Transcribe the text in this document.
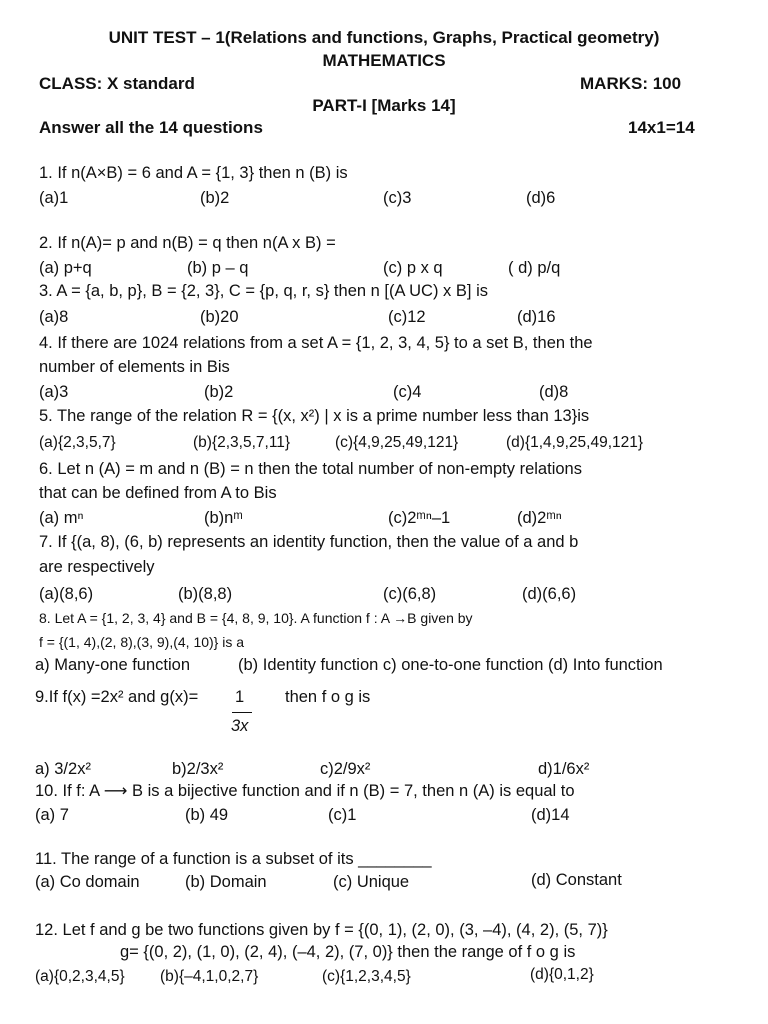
UNIT TEST – 1(Relations and functions, Graphs, Practical geometry)
MATHEMATICS
CLASS: X standard	MARKS: 100
PART-I [Marks 14]
Answer all the 14 questions	14x1=14
1. If n(A×B) = 6 and A = {1, 3} then n (B) is
(a)1	(b)2	(c)3	(d)6
2. If n(A)= p and n(B) = q then n(A x B) =
(a) p+q	(b) p – q	(c) p x q	( d) p/q
3. A = {a, b, p}, B = {2, 3}, C = {p, q, r, s} then n [(A UC) x B] is
(a)8	(b)20	(c)12	(d)16
4. If there are 1024 relations from a set A = {1, 2, 3, 4, 5} to a set B, then the
number of elements in Bis
(a)3	(b)2	(c)4	(d)8
5. The range of the relation R = {(x, x²) | x is a prime number less than 13}is
(a){2,3,5,7}	(b){2,3,5,7,11}	(c){4,9,25,49,121}	(d){1,4,9,25,49,121}
6. Let n (A) = m and n (B) = n then the total number of non-empty relations
that can be defined from A to Bis
(a) mⁿ	(b)nᵐ	(c)2ᵐⁿ–1	(d)2ᵐⁿ
7. If {(a, 8), (6, b) represents an identity function, then the value of a and b
are respectively
(a)(8,6)	(b)(8,8)	(c)(6,8)	(d)(6,6)
8. Let A = {1, 2, 3, 4} and B = {4, 8, 9, 10}. A function f : A →B given by
f = {(1, 4),(2, 8),(3, 9),(4, 10)} is a
a) Many-one function	(b) Identity function c) one-to-one function (d) Into function
9.If f(x) =2x² and g(x)= 1
3x
then f o g is
a) 3/2x²	b)2/3x²	c)2/9x²	d)1/6x²
10. If f: A ⟶ B is a bijective function and if n (B) = 7, then n (A) is equal to
(a) 7	(b) 49	(c)1	(d)14
11. The range of a function is a subset of its ________
(a) Co domain	(b) Domain	(c) Unique	(d) Constant
12. Let f and g be two functions given by f = {(0, 1), (2, 0), (3, –4), (4, 2), (5, 7)}
g= {(0, 2), (1, 0), (2, 4), (–4, 2), (7, 0)} then the range of f o g is
(a){0,2,3,4,5} (b){–4,1,0,2,7}	(c){1,2,3,4,5}	(d){0,1,2}
